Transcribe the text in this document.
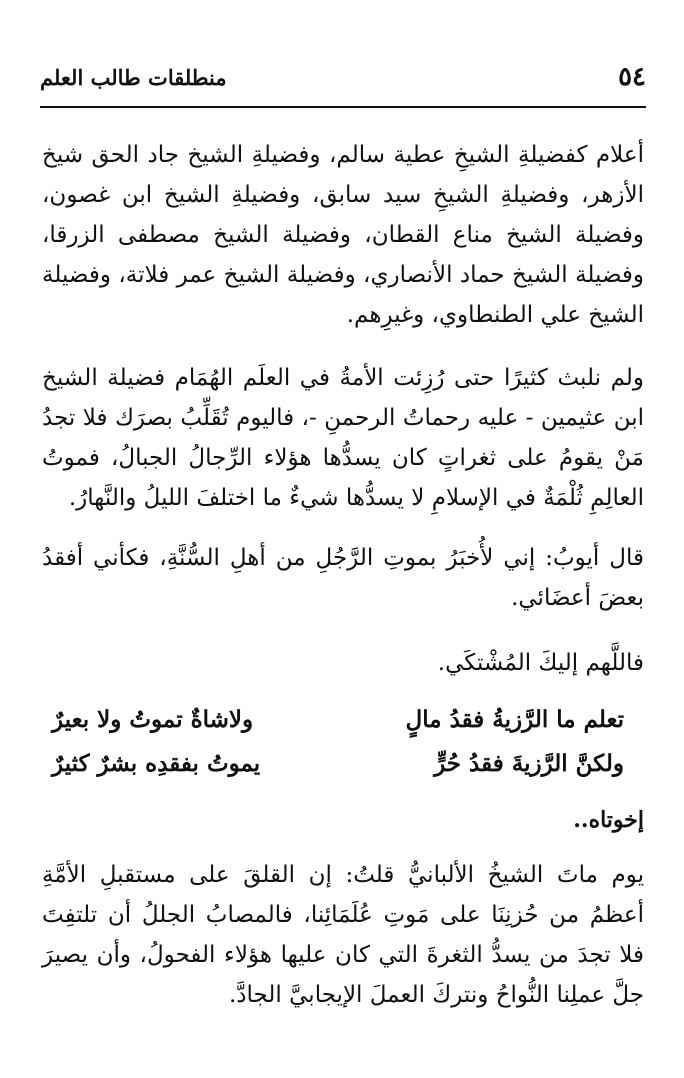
٥٤
منطلقات طالب العلم

أعلام كفضيلةِ الشيخِ عطية سالم، وفضيلةِ الشيخ جاد الحق شيخ الأزهر، وفضيلةِ الشيخِ سيد سابق، وفضيلةِ الشيخ ابن غصون، وفضيلة الشيخ مناع القطان، وفضيلة الشيخ مصطفى الزرقا، وفضيلة الشيخ حماد الأنصاري، وفضيلة الشيخ عمر فلاتة، وفضيلة الشيخ علي الطنطاوي، وغيرِهم.

ولم نلبث كثيرًا حتى رُزِئت الأمةُ في العلَم الهُمَام فضيلة الشيخ ابن عثيمين - عليه رحماتُ الرحمنِ -، فاليوم تُقَلِّبُ بصرَك فلا تجدُ مَنْ يقومُ على ثغراتٍ كان يسدُّها هؤلاء الرِّجالُ الجبالُ، فموتُ العالِمِ ثُلْمَةٌ في الإسلامِ لا يسدُّها شيءٌ ما اختلفَ الليلُ والنَّهارُ.

قال أيوبُ: إني لأُخبَرُ بموتِ الرَّجُلِ من أهلِ السُّنَّةِ، فكأني أفقدُ بعضَ أعضَائي.

فاللَّهم إليكَ المُشْتكَي.

تعلم ما الرَّزيةُ فقدُ مالٍ
ولاشاةٌ تموتُ ولا بعيرٌ
ولكنَّ الرَّزيةَ فقدُ حُرٍّ
يموتُ بفقدِه بشرٌ كثيرٌ
إخوتاه..

يوم ماتَ الشيخُ الألبانيُّ قلتُ: إن القلقَ على مستقبلِ الأمَّةِ أعظمُ من حُزنِنَا على مَوتِ عُلَمَائِنا، فالمصابُ الجللُ أن تلتفِتَ فلا تجدَ من يسدُّ الثغرةَ التي كان عليها هؤلاء الفحولُ، وأن يصيرَ جلَّ عملِنا النُّواحُ ونتركَ العملَ الإيجابيَّ الجادَّ.
